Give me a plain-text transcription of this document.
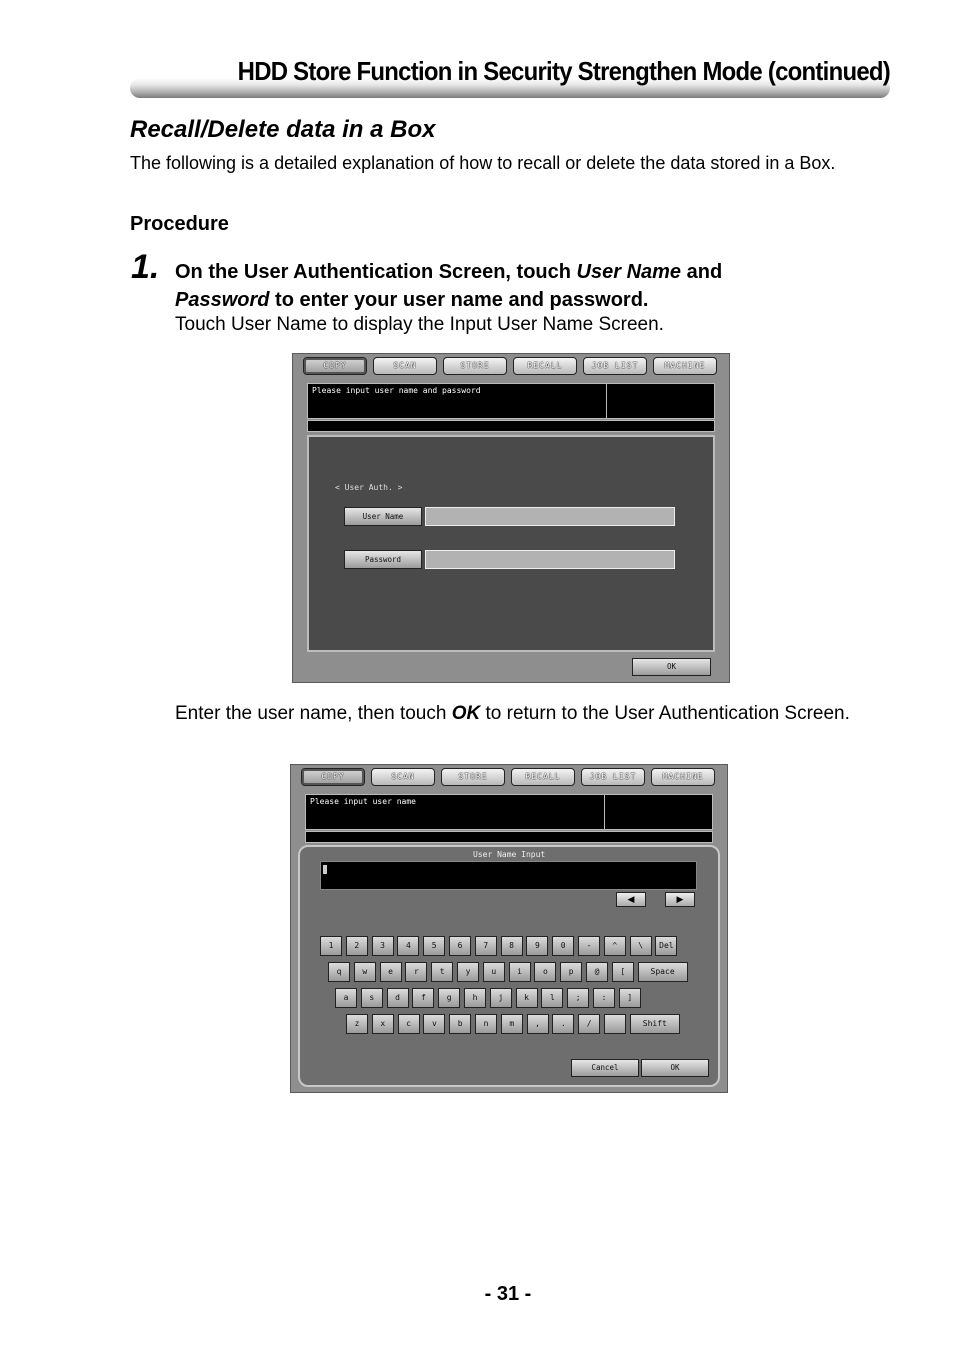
HDD Store Function in Security Strengthen Mode (continued)
Recall/Delete data in a Box
The following is a detailed explanation of how to recall or delete the data stored in a Box.
Procedure
1. On the User Authentication Screen, touch User Name and
Password to enter your user name and password.
Touch User Name to display the Input User Name Screen.
COPY	SCAN	STORE	RECALL	JOB LIST	MACHINE
Please input user name and password
< User Auth. >
User Name
Password
OK
Enter the user name, then touch OK to return to the User Authentication Screen.
COPY	SCAN	STORE	RECALL	JOB LIST	MACHINE
Please input user name
User Name Input
◀	▶
Cancel	OK
1	2	3	4	5	6	7	8	9	0	-	^	\	Del
q	w	e	r	t	y	u	i	o	p	@	[	Space
a	s	d	f	g	h	j	k	l	;	:	]
z	x	c	v	b	n	m	,	.	/	Shift
- 31 -
